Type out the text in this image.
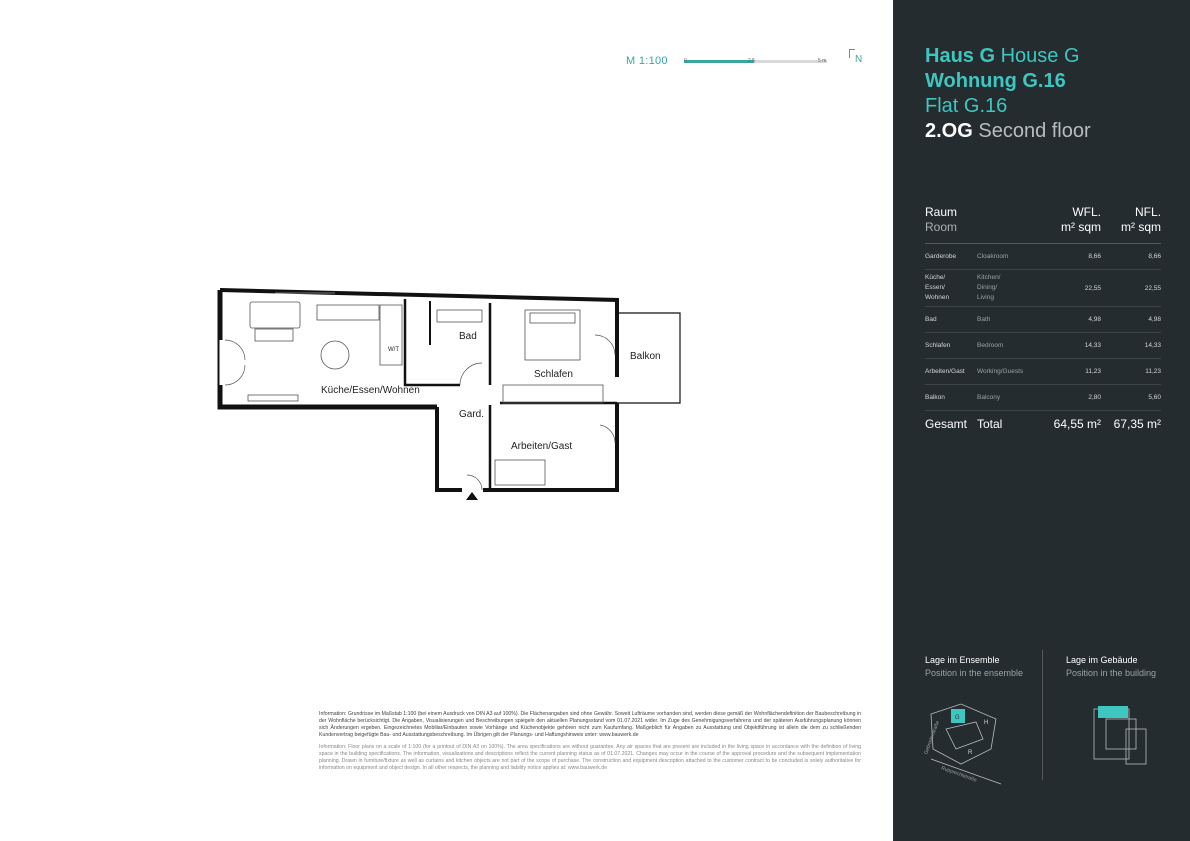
M 1:100	0	2,5	5 m	N
Küche/Essen/Wohnen
Bad
Schlafen
Balkon
Gard.
Arbeiten/Gast
W/T

Information: Grundrisse im Maßstab 1:100 (bei einem Ausdruck von DIN A3 auf 100%). Die Flächenangaben sind ohne Gewähr. Soweit Lufträume vorhanden sind, werden diese gemäß der Wohnflächendefinition der Baubeschreibung in der Wohnfläche berücksichtigt. Die Angaben, Visualisierungen und Beschreibungen spiegeln den aktuellen Planungsstand vom 01.07.2021 wider. Im Zuge des Genehmigungsverfahrens und der späteren Ausführungsplanung können sich Änderungen ergeben. Eingezeichnetes Mobiliar/Einbauten sowie Vorhänge und Küchenobjekte gehören nicht zum Kaufumfang. Maßgeblich für Angaben zu Ausstattung und Objektführung ist allein die dem zu schließenden Kundenvertrag beigefügte Bau- und Ausstattungsbeschreibung. Im Übrigen gilt der Planungs- und Haftungshinweis unter: www.bauwerk.de

Information: Floor plans on a scale of 1:100 (for a printout of DIN A3 on 100%). The area specifications are without guarantee. Any air spaces that are present are included in the living space in accordance with the definition of living space in the building specifications. The information, visualizations and descriptions reflect the current planning status as of 01.07.2021. Changes may occur in the course of the approval procedure and the subsequent implementation planning. Drawn in furniture/fixture as well as curtains and kitchen objects are not part of the scope of purchase. The construction and equipment description attached to the customer contract to be concluded is solely authoritative for information on equipment and object design. In all other respects, the planning and liability notice applies at: www.bauwerk.de

Haus G House G
Wohnung G.16
Flat G.16
2.OG Second floor
Raum		WFL.	NFL.
Room		m² sqm	m² sqm
Garderobe	Cloakroom	8,66	8,66
Küche/
Essen/
Wohnen	Kitchen/
Dining/
Living	22,55	22,55
Bad	Bath	4,98	4,98
Schlafen	Bedroom	14,33	14,33
Arbeiten/Gast	Working/Guests	11,23	11,23
Balkon	Balcony	2,80	5,60
Gesamt	Total	64,55 m²	67,35 m²
Lage im Ensemble
Position in the ensemble
G
H
R
Gebrüderstraße
Rupprechtstraße
Lage im Gebäude
Position in the building
